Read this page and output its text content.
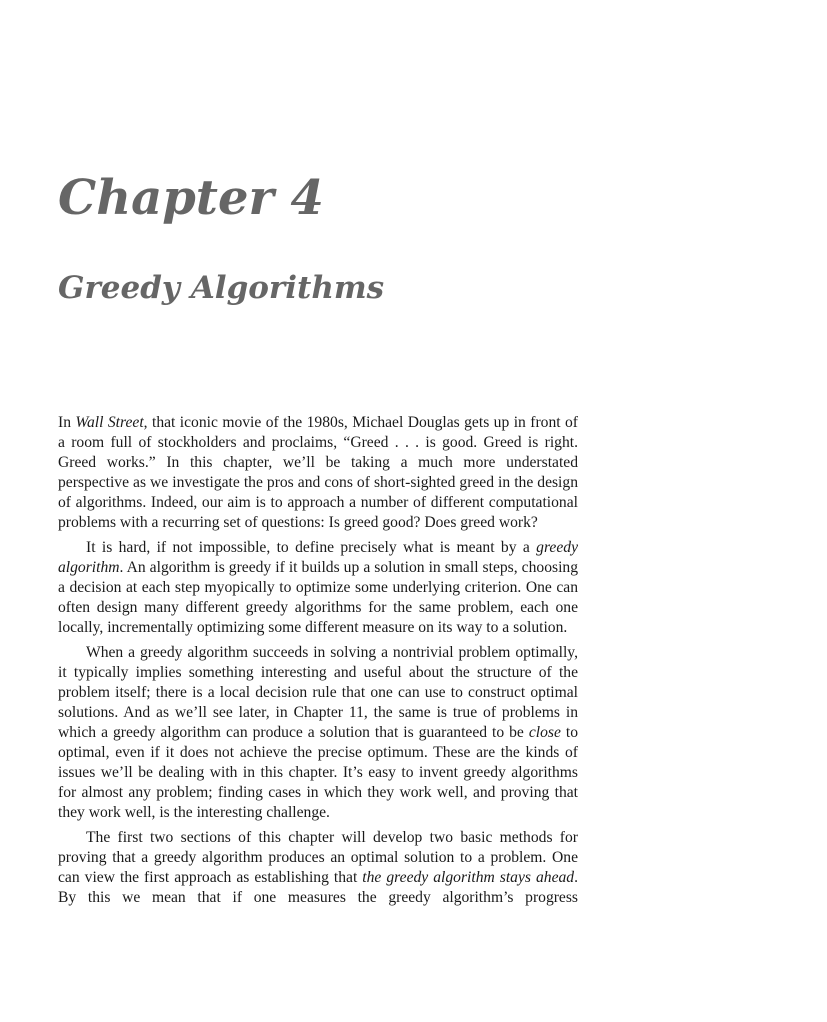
Chapter 4
Greedy Algorithms

In Wall Street, that iconic movie of the 1980s, Michael Douglas gets up in front of a room full of stockholders and proclaims, “Greed . . . is good. Greed is right. Greed works.” In this chapter, we’ll be taking a much more understated perspective as we investigate the pros and cons of short-sighted greed in the design of algorithms. Indeed, our aim is to approach a number of different computational problems with a recurring set of questions: Is greed good? Does greed work?

It is hard, if not impossible, to define precisely what is meant by a greedy algorithm. An algorithm is greedy if it builds up a solution in small steps, choosing a decision at each step myopically to optimize some underlying criterion. One can often design many different greedy algorithms for the same problem, each one locally, incrementally optimizing some different measure on its way to a solution.

When a greedy algorithm succeeds in solving a nontrivial problem optimally, it typically implies something interesting and useful about the structure of the problem itself; there is a local decision rule that one can use to construct optimal solutions. And as we’ll see later, in Chapter 11, the same is true of problems in which a greedy algorithm can produce a solution that is guaranteed to be close to optimal, even if it does not achieve the precise optimum. These are the kinds of issues we’ll be dealing with in this chapter. It’s easy to invent greedy algorithms for almost any problem; finding cases in which they work well, and proving that they work well, is the interesting challenge.

The first two sections of this chapter will develop two basic methods for proving that a greedy algorithm produces an optimal solution to a problem. One can view the first approach as establishing that the greedy algorithm stays ahead. By this we mean that if one measures the greedy algorithm’s progress
